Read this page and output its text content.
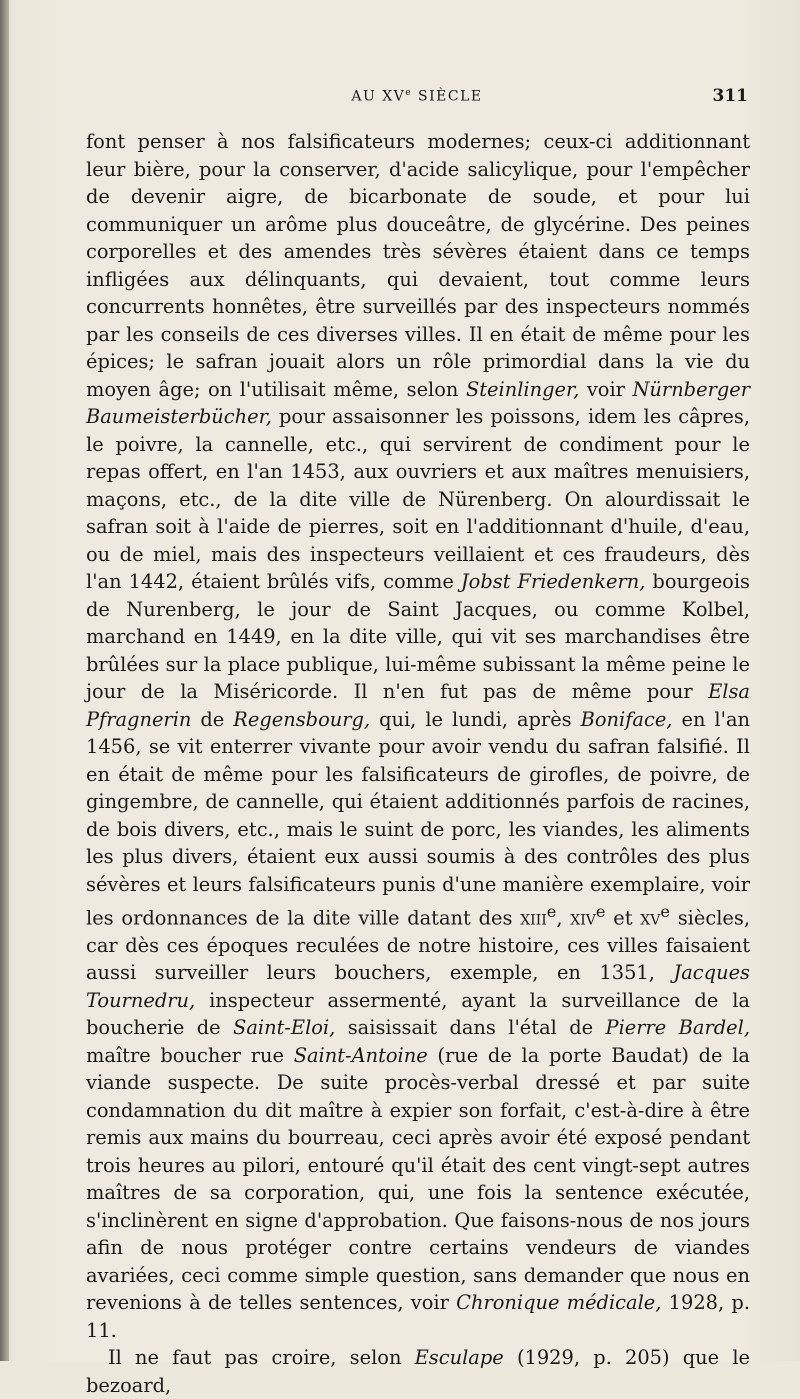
AU XVe SIÈCLE	311

font penser à nos falsificateurs modernes; ceux-ci additionnant leur bière, pour la conserver, d'acide salicylique, pour l'empêcher de devenir aigre, de bicarbonate de soude, et pour lui communiquer un arôme plus douceâtre, de glycérine. Des peines corporelles et des amendes très sévères étaient dans ce temps infligées aux délinquants, qui devaient, tout comme leurs concurrents honnêtes, être surveillés par des inspecteurs nommés par les conseils de ces diverses villes. Il en était de même pour les épices; le safran jouait alors un rôle primordial dans la vie du moyen âge; on l'utilisait même, selon Steinlinger, voir Nürnberger Baumeisterbücher, pour assaisonner les poissons, idem les câpres, le poivre, la cannelle, etc., qui servirent de condiment pour le repas offert, en l'an 1453, aux ouvriers et aux maîtres menuisiers, maçons, etc., de la dite ville de Nürenberg. On alourdissait le safran soit à l'aide de pierres, soit en l'additionnant d'huile, d'eau, ou de miel, mais des inspecteurs veillaient et ces fraudeurs, dès l'an 1442, étaient brûlés vifs, comme Jobst Friedenkern, bourgeois de Nurenberg, le jour de Saint Jacques, ou comme Kolbel, marchand en 1449, en la dite ville, qui vit ses marchandises être brûlées sur la place publique, lui-même subissant la même peine le jour de la Miséricorde. Il n'en fut pas de même pour Elsa Pfragnerin de Regensbourg, qui, le lundi, après Boniface, en l'an 1456, se vit enterrer vivante pour avoir vendu du safran falsifié. Il en était de même pour les falsificateurs de girofles, de poivre, de gingembre, de cannelle, qui étaient additionnés parfois de racines, de bois divers, etc., mais le suint de porc, les viandes, les aliments les plus divers, étaient eux aussi soumis à des contrôles des plus sévères et leurs falsificateurs punis d'une manière exemplaire, voir les ordonnances de la dite ville datant des xiii$^e$, xiv$^e$ et $xv^e$ siècles, car dès ces époques reculées de notre histoire, ces villes faisaient aussi surveiller leurs bouchers, exemple, en 1351, Jacques Tournedru, inspecteur assermenté, ayant la surveillance de la boucherie de Saint-Eloi, saisissait dans l'étal de Pierre Bardel, maître boucher rue Saint-Antoine (rue de la porte Baudat) de la viande suspecte. De suite procès-verbal dressé et par suite condamnation du dit maître à expier son forfait, c'est-à-dire à être remis aux mains du bourreau, ceci après avoir été exposé pendant trois heures au pilori, entouré qu'il était des cent vingt-sept autres maîtres de sa corporation, qui, une fois la sentence exécutée, s'inclinèrent en signe d'approbation. Que faisons-nous de nos jours afin de nous protéger contre certains vendeurs de viandes avariées, ceci comme simple question, sans demander que nous en revenions à de telles sentences, voir Chronique médicale, 1928, p. 11.

Il ne faut pas croire, selon Esculape (1929, p. 205) que le bezoard,
